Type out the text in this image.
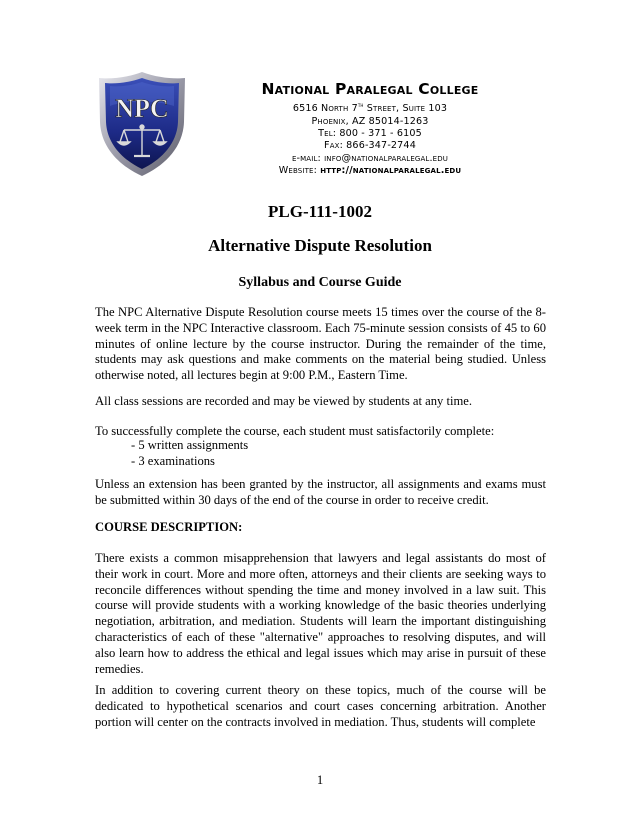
NPC
National Paralegal College
6516 North 7th Street, Suite 103
Phoenix, AZ 85014-1263
Tel: 800 - 371 - 6105
Fax: 866-347-2744
e-mail: info@nationalparalegal.edu
Website: http://nationalparalegal.edu
PLG-111-1002
Alternative Dispute Resolution
Syllabus and Course Guide
The NPC Alternative Dispute Resolution course meets 15 times over the course of the 8-week term in the NPC Interactive classroom. Each 75-minute session consists of 45 to 60 minutes of online lecture by the course instructor. During the remainder of the time, students may ask questions and make comments on the material being studied. Unless otherwise noted, all lectures begin at 9:00 P.M., Eastern Time.
All class sessions are recorded and may be viewed by students at any time.
To successfully complete the course, each student must satisfactorily complete:
- 5 written assignments
- 3 examinations
Unless an extension has been granted by the instructor, all assignments and exams must be submitted within 30 days of the end of the course in order to receive credit.
COURSE DESCRIPTION:
There exists a common misapprehension that lawyers and legal assistants do most of their work in court. More and more often, attorneys and their clients are seeking ways to reconcile differences without spending the time and money involved in a law suit. This course will provide students with a working knowledge of the basic theories underlying negotiation, arbitration, and mediation. Students will learn the important distinguishing characteristics of each of these "alternative" approaches to resolving disputes, and will also learn how to address the ethical and legal issues which may arise in pursuit of these remedies.
In addition to covering current theory on these topics, much of the course will be dedicated to hypothetical scenarios and court cases concerning arbitration. Another portion will center on the contracts involved in mediation. Thus, students will complete
1
